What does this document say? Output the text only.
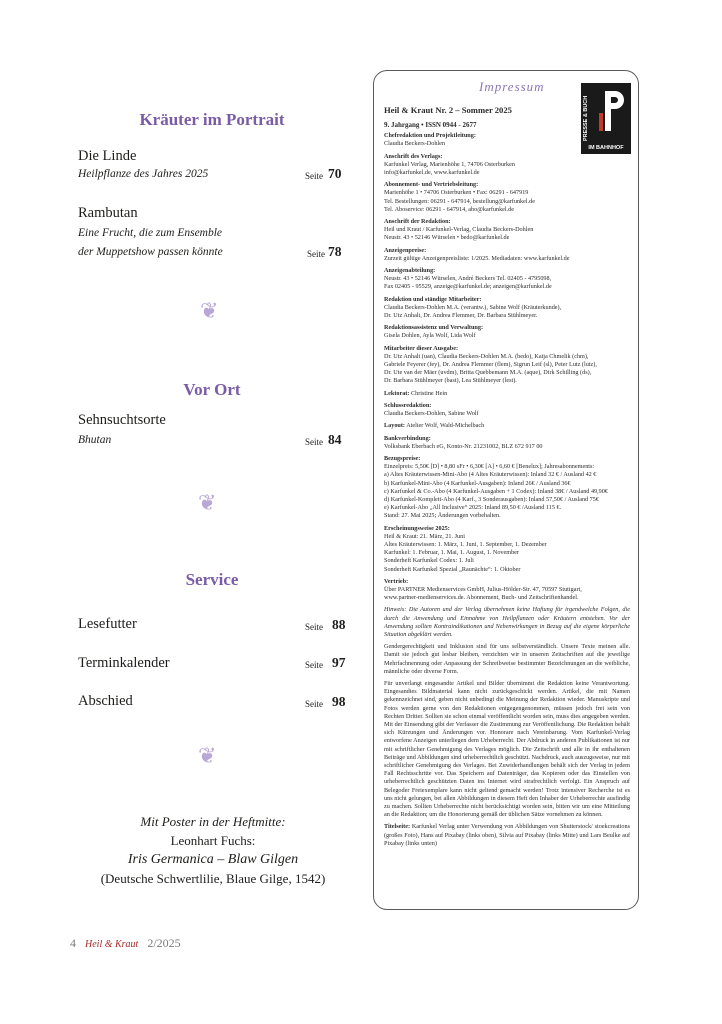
Kräuter im Portrait
Die Linde
Heilpflanze des Jahres 2025	Seite 70
Rambutan
Eine Frucht, die zum Ensemble
der Muppetshow passen könnte	Seite 78
❦
Vor Ort
Sehnsuchtsorte
Bhutan	Seite 84
❦
Service
Lesefutter	Seite 88
Terminkalender	Seite 97
Abschied	Seite 98
❦
Mit Poster in der Heftmitte:
Leonhart Fuchs:
Iris Germanica – Blaw Gilgen
(Deutsche Schwertlilie, Blaue Gilge, 1542)
4 Heil & Kraut 2/2025
Impressum
Heil & Kraut Nr. 2 – Sommer 2025
9. Jahrgang • ISSN 0944 - 2677
Chefredaktion und Projektleitung:
Claudia Beckers-Dohlen
Anschrift des Verlags:
Karfunkel Verlag, Marienhöhe 1, 74706 Osterburken
info@karfunkel.de, www.karfunkel.de
Abonnement- und Vertriebsleitung:
Marienhöhe 1 • 74706 Osterburken • Fax: 06291 - 647919
Tel. Bestellungen: 06291 - 647914, bestellung@karfunkel.de
Tel. Aboservice: 06291 - 647914, abo@karfunkel.de
Anschrift der Redaktion:
Heil und Kraut / Karfunkel-Verlag, Claudia Beckers-Dohlen
Neustr. 43 • 52146 Würselen • bedo@karfunkel.de
Anzeigenpreise:
Zurzeit gültige Anzeigenpreisliste: 1/2025. Mediadaten: www.karfunkel.de
Anzeigenabteilung:
Neustr. 43 • 52146 Würselen, André Beckers Tel. 02405 - 4795098,
Fax 02405 - 95529, anzeige@karfunkel.de; anzeigen@karfunkel.de
Redaktion und ständige Mitarbeiter:
Claudia Beckers-Dohlen M.A. (verantw.), Sabine Wolf (Kräuterkunde),
Dr. Utz Anhalt, Dr. Andrea Flemmer, Dr. Barbara Stühlmeyer.
Redaktionsassistenz und Verwaltung:
Gisela Dohlen, Ayla Wolf, Lida Wolf
Mitarbeiter dieser Ausgabe:
Dr. Utz Anhalt (uan), Claudia Beckers-Dohlen M.A. (bedo), Katja Chmelik (chm),
Gabriele Feyerer (fey), Dr. Andrea Flemmer (flem), Sigrun Leif (sl), Peter Lutz (lutz),
Dr. Ute van der Mäer (uvdm), Britta Quebbemann M.A. (aque), Dirk Schilling (ds),
Dr. Barbara Stühlmeyer (bast), Lea Stühlmeyer (lest).
Lektorat: Christine Hein
Schlussredaktion:
Claudia Beckers-Dohlen, Sabine Wolf
Layout: Atelier Wolf, Wald-Michelbach
Bankverbindung:
Volksbank Eberbach eG, Konto-Nr. 21231002, BLZ 672 917 00
Bezugspreise:
Einzelpreis: 5,50€ [D] • 8,80 sFr • 6,30€ [A] • 6,60 € [Benelux]; Jahresabonnements:
a) Altes Kräuterwissen-Mini-Abo (4 Altes Kräuterwissen): Inland 32 € / Ausland 42 €
b) Karfunkel-Mini-Abo (4 Karfunkel-Ausgaben): Inland 26€ / Ausland 36€
c) Karfunkel & Co.-Abo (4 Karfunkel-Ausgaben + 1 Codex): Inland 38€ / Ausland 49,90€
d) Karfunkel-Komplett-Abo (4 Karf., 3 Sonderausgaben): Inland 57,50€ / Ausland 75€
e) Karfunkel-Abo „All Inclusive“ 2025: Inland 89,50 € /Ausland 115 €.
Stand: 27. Mai 2025; Änderungen vorbehalten.
Erscheinungsweise 2025:
Heil & Kraut: 21. März, 21. Juni
Altes Kräuterwissen: 1. März, 1. Juni, 1. September, 1. Dezember
Karfunkel: 1. Februar, 1. Mai, 1. August, 1. November
Sonderheft Karfunkel Codex: 1. Juli
Sonderheft Karfunkel Spezial „Raunächte“: 1. Oktober
Vertrieb:
Über PARTNER Medienservices GmbH, Julius-Hölder-Str. 47, 70597 Stuttgart,
www.partner-medienservices.de. Abonnement, Buch- und Zeitschriftenhandel.
Hinweis: Die Autoren und der Verlag übernehmen keine Haftung für irgendwelche Folgen, die durch die Anwendung und Einnahme von Heilpflanzen oder Kräutern entstehen. Vor der Anwendung sollten Kontraindikationen und Nebenwirkungen in Bezug auf die eigene körperliche Situation abgeklärt werden.

Gendergerechtigkeit und Inklusion sind für uns selbstverständlich. Unsere Texte meinen alle. Damit sie jedoch gut lesbar bleiben, verzichten wir in unseren Zeitschriften auf die jeweilige Mehrfachnennung oder Anpassung der Schreibweise bestimmter Bezeichnungen an die weibliche, männliche oder diverse Form.

Für unverlangt eingesandte Artikel und Bilder übernimmt die Redaktion keine Verantwortung. Eingesandtes Bildmaterial kann nicht zurückgeschickt werden. Artikel, die mit Namen gekennzeichnet sind, geben nicht unbedingt die Meinung der Redaktion wieder. Manuskripte und Fotos werden gerne von den Redaktionen entgegengenommen, müssen jedoch frei sein von Rechten Dritter. Sollten sie schon einmal veröffentlicht worden sein, muss dies angegeben werden. Mit der Einsendung gibt der Verfasser die Zustimmung zur Veröffentlichung. Die Redaktion behält sich Kürzungen und Änderungen vor. Honorare nach Vereinbarung. Vom Karfunkel-Verlag entworfene Anzeigen unterliegen dem Urheberrecht. Der Abdruck in anderen Publikationen ist nur mit schriftlicher Genehmigung des Verlages möglich. Die Zeitschrift und alle in ihr enthaltenen Beiträge und Abbildungen sind urheberrechtlich geschützt. Nachdruck, auch auszugsweise, nur mit schriftlicher Genehmigung des Verlages. Bei Zuwiderhandlungen behält sich der Verlag in jedem Fall Rechtsschritte vor. Das Speichern auf Datenträger, das Kopieren oder das Einstellen von urheberrechtlich geschützten Daten ins Internet wird strafrechtlich verfolgt. Ein Anspruch auf Belegoder Freiexemplare kann nicht geltend gemacht werden! Trotz intensiver Recherche ist es uns nicht gelungen, bei allen Abbildungen in diesem Heft den Inhaber der Urheberrechte ausfindig zu machen. Sollten Urheberrechte nicht berücksichtigt worden sein, bitten wir um eine Mitteilung an die Redaktion; um die Honorierung gemäß der üblichen Sätze vornehmen zu können.

Titelseite: Karfunkel Verlag unter Verwendung von Abbildungen von Shutterstock/ stoekcreations (großes Foto), Hans auf Pixabay (links oben), Silvia auf Pixabay (links Mitte) und Lars Beulke auf Pixabay (links unten)
PRESSE & BUCH
IM BAHNHOF
